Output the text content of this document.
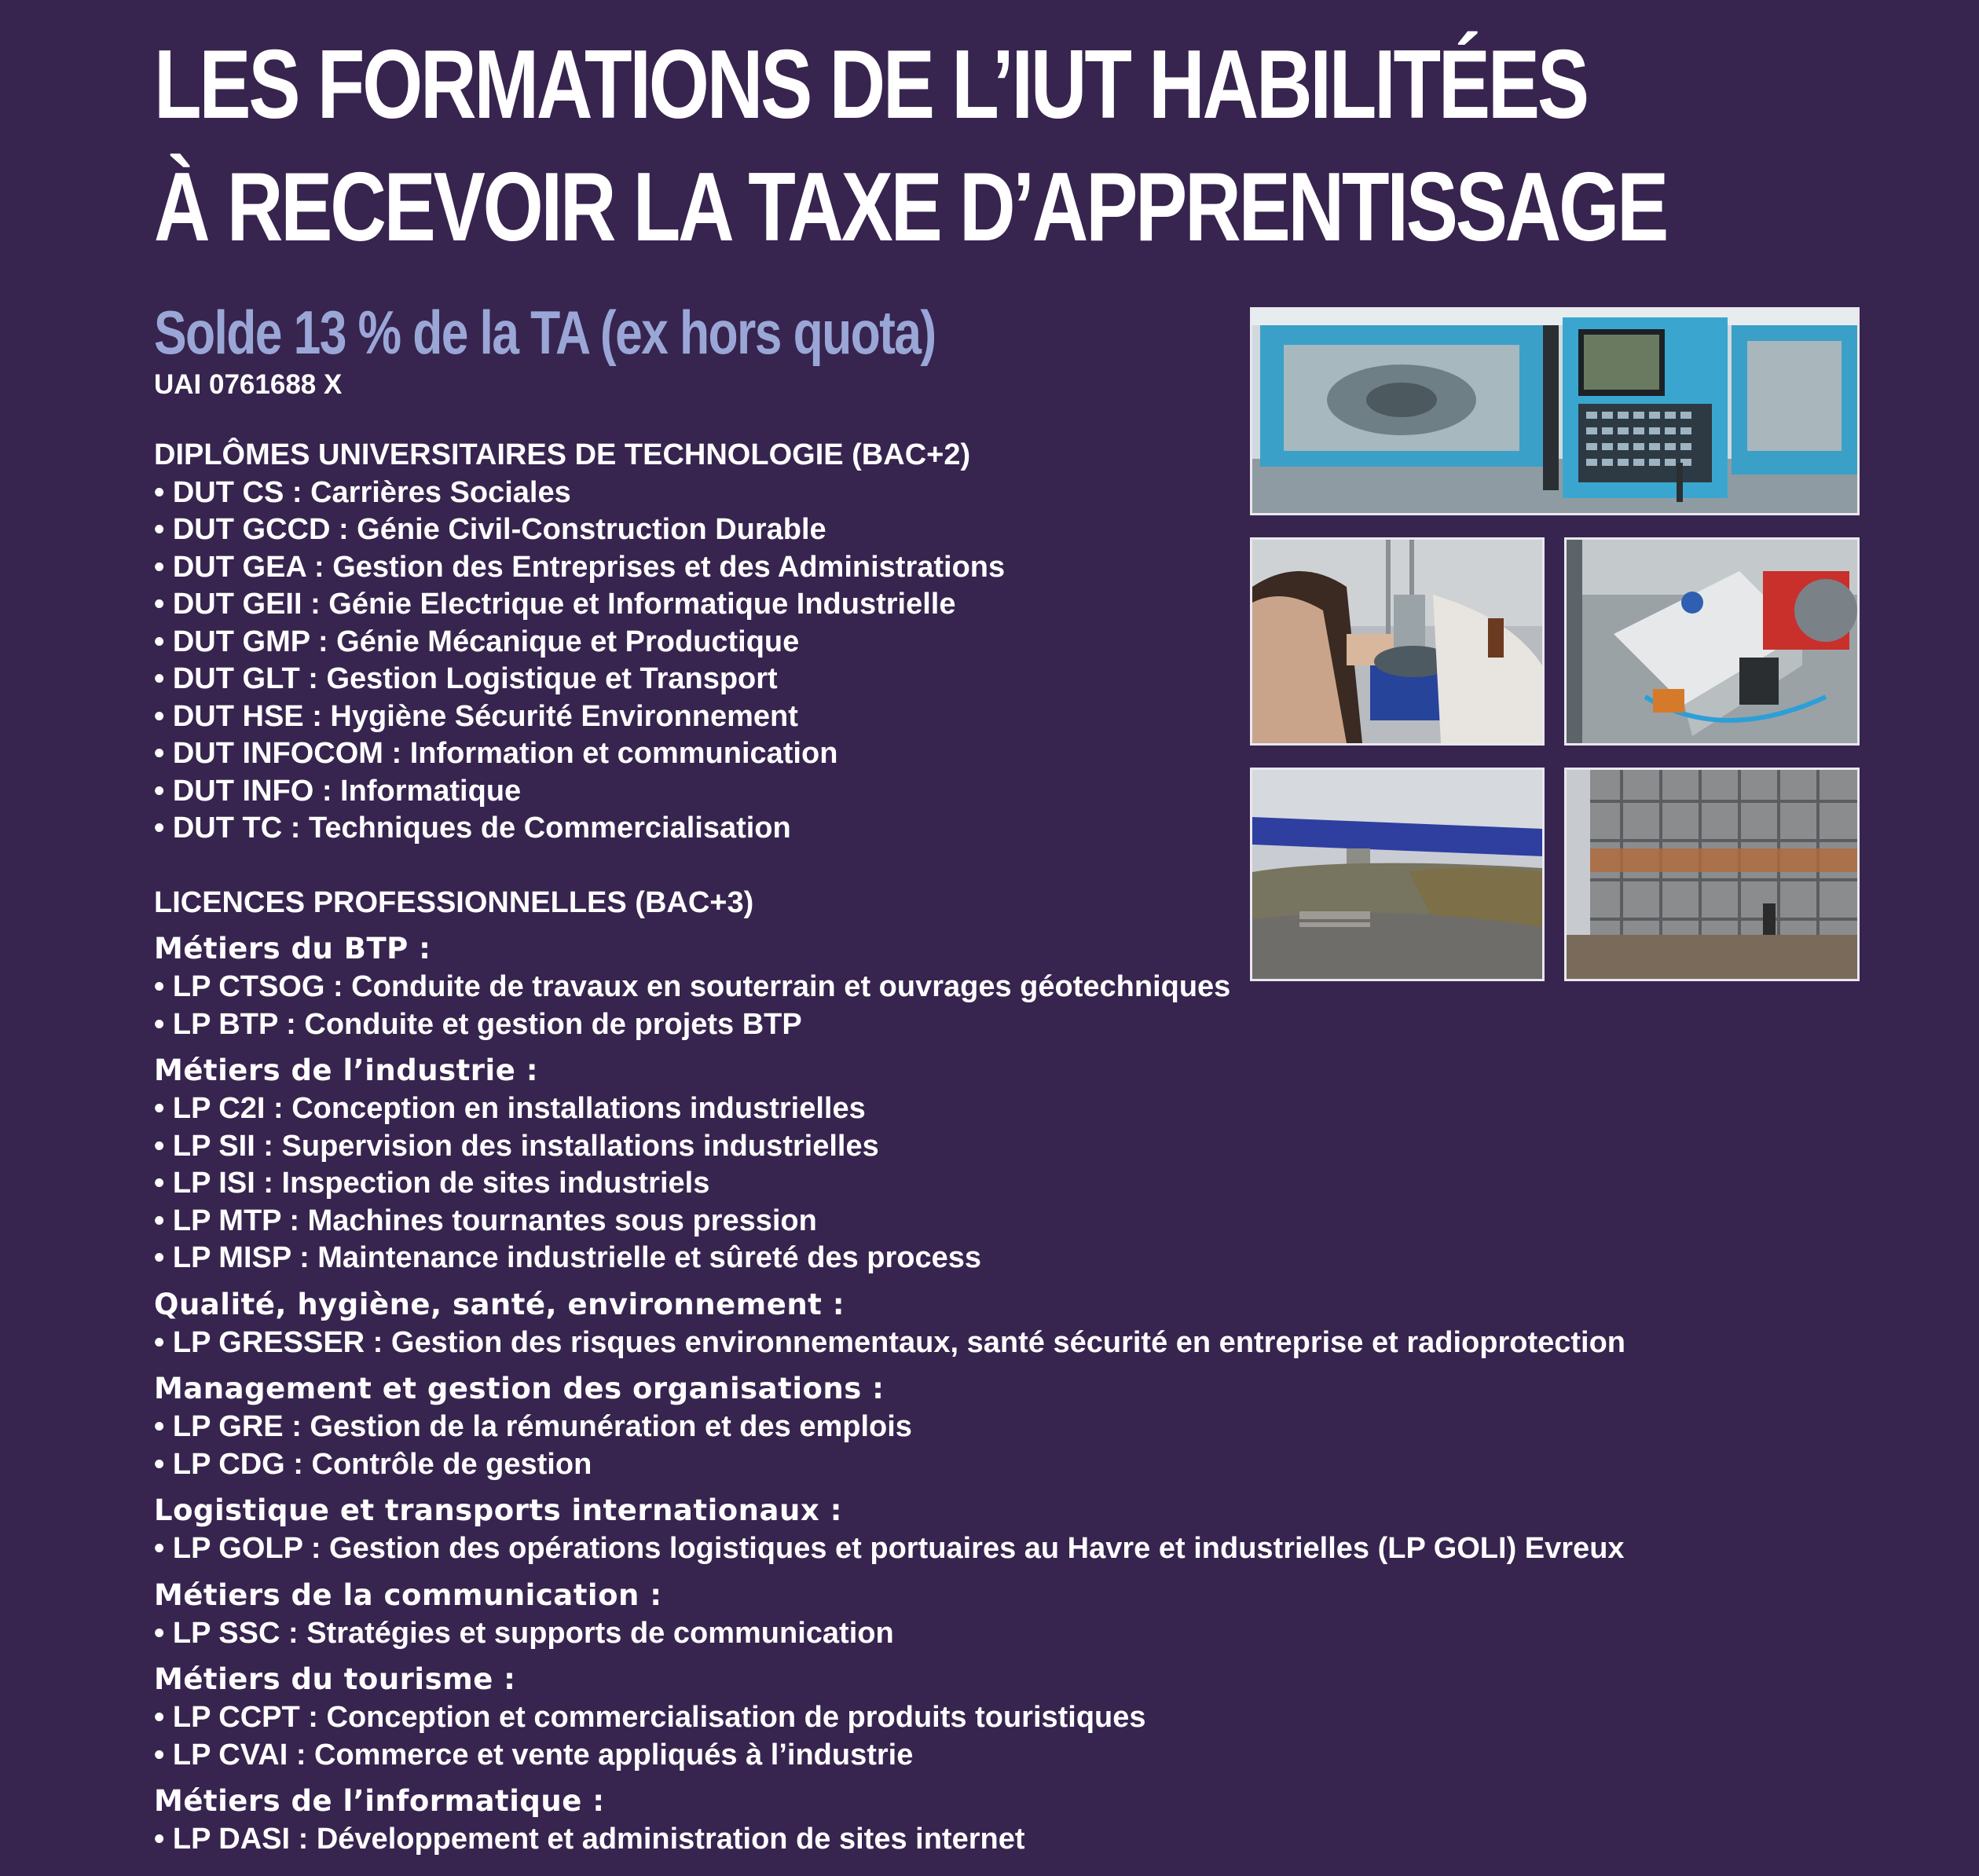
LES FORMATIONS DE L’IUT HABILITÉES
À RECEVOIR LA TAXE D’APPRENTISSAGE
Solde 13 % de la TA (ex hors quota)
UAI 0761688 X
DIPLÔMES UNIVERSITAIRES DE TECHNOLOGIE (BAC+2)
• DUT CS : Carrières Sociales
• DUT GCCD : Génie Civil-Construction Durable
• DUT GEA : Gestion des Entreprises et des Administrations
• DUT GEII : Génie Electrique et Informatique Industrielle
• DUT GMP : Génie Mécanique et Productique
• DUT GLT : Gestion Logistique et Transport
• DUT HSE : Hygiène Sécurité Environnement
• DUT INFOCOM : Information et communication
• DUT INFO : Informatique
• DUT TC : Techniques de Commercialisation
LICENCES PROFESSIONNELLES (BAC+3)
Métiers du BTP :
• LP CTSOG : Conduite de travaux en souterrain et ouvrages géotechniques
• LP BTP : Conduite et gestion de projets BTP
Métiers de l’industrie :
• LP C2I : Conception en installations industrielles
• LP SII : Supervision des installations industrielles
• LP ISI : Inspection de sites industriels
• LP MTP : Machines tournantes sous pression
• LP MISP : Maintenance industrielle et sûreté des process
Qualité, hygiène, santé, environnement :
• LP GRESSER : Gestion des risques environnementaux, santé sécurité en entreprise et radioprotection
Management et gestion des organisations :
• LP GRE : Gestion de la rémunération et des emplois
• LP CDG : Contrôle de gestion
Logistique et transports internationaux :
• LP GOLP : Gestion des opérations logistiques et portuaires au Havre et industrielles (LP GOLI) Evreux
Métiers de la communication :
• LP SSC : Stratégies et supports de communication
Métiers du tourisme :
• LP CCPT : Conception et commercialisation de produits touristiques
• LP CVAI : Commerce et vente appliqués à l’industrie
Métiers de l’informatique :
• LP DASI : Développement et administration de sites internet
